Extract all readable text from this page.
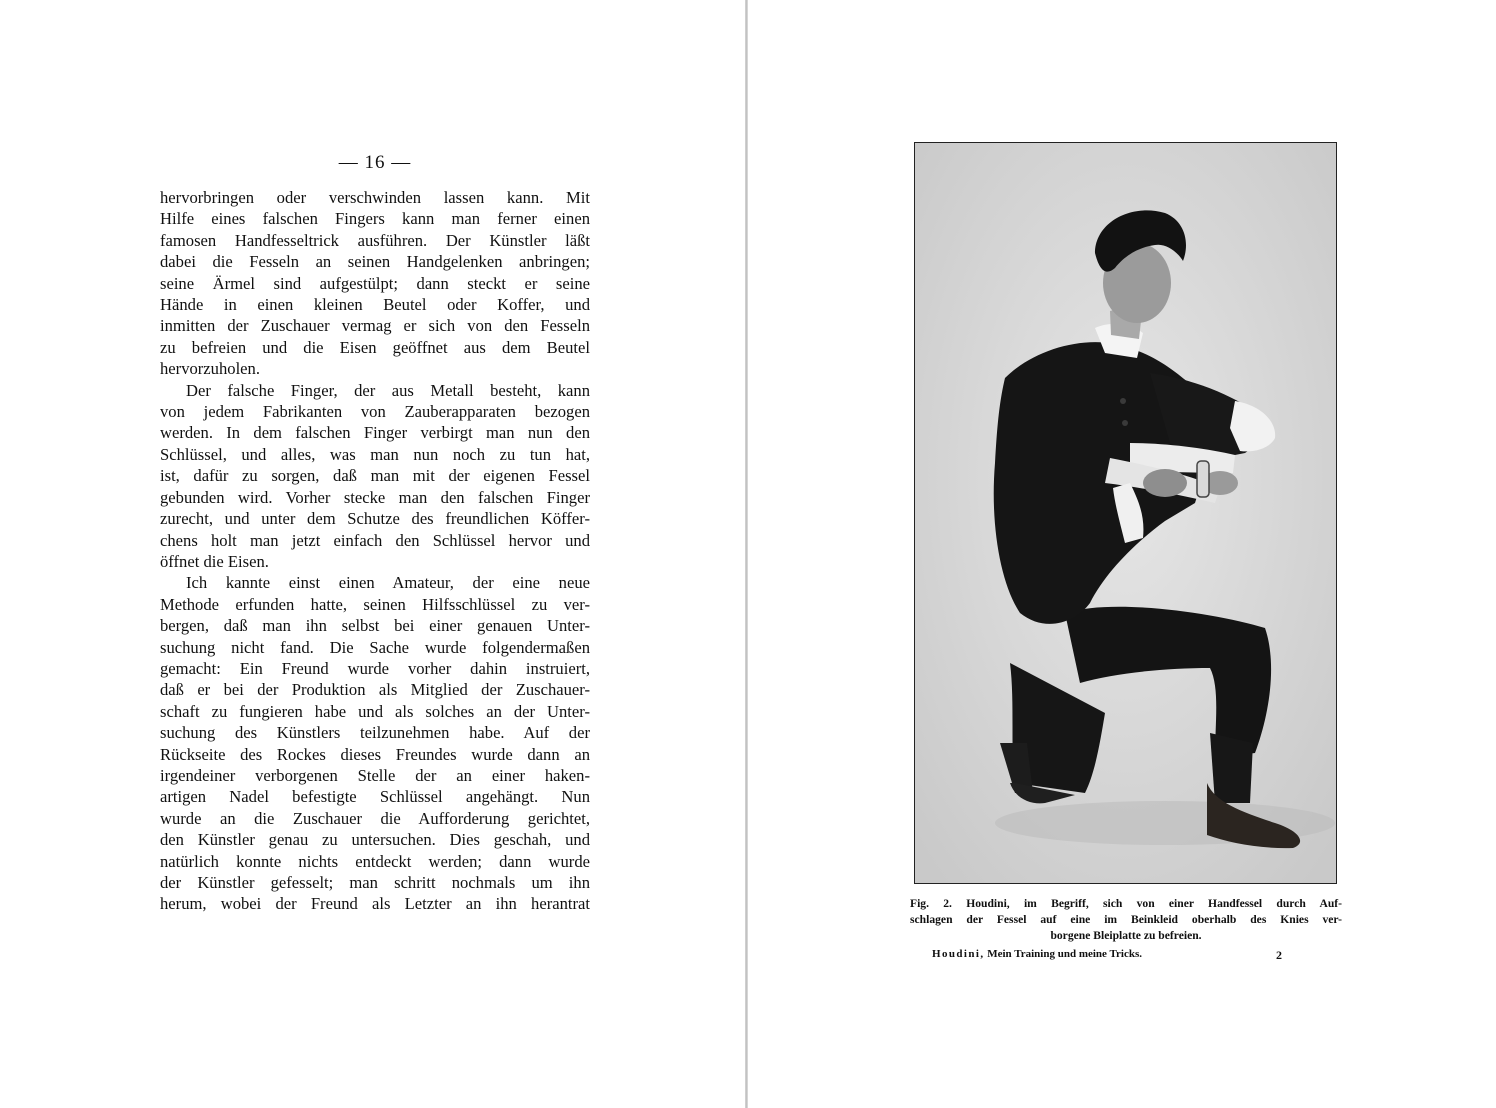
— 16 —

hervorbringen oder verschwinden lassen kann. Mit
Hilfe eines falschen Fingers kann man ferner einen
famosen Handfesseltrick ausführen. Der Künstler läßt
dabei die Fesseln an seinen Handgelenken anbringen;
seine Ärmel sind aufgestülpt; dann steckt er seine
Hände in einen kleinen Beutel oder Koffer, und
inmitten der Zuschauer vermag er sich von den Fesseln
zu befreien und die Eisen geöffnet aus dem Beutel
hervorzuholen.

Der falsche Finger, der aus Metall besteht, kann
von jedem Fabrikanten von Zauberapparaten bezogen
werden. In dem falschen Finger verbirgt man nun den
Schlüssel, und alles, was man nun noch zu tun hat,
ist, dafür zu sorgen, daß man mit der eigenen Fessel
gebunden wird. Vorher stecke man den falschen Finger
zurecht, und unter dem Schutze des freundlichen Köffer-
chens holt man jetzt einfach den Schlüssel hervor und
öffnet die Eisen.

Ich kannte einst einen Amateur, der eine neue
Methode erfunden hatte, seinen Hilfsschlüssel zu ver-
bergen, daß man ihn selbst bei einer genauen Unter-
suchung nicht fand. Die Sache wurde folgendermaßen
gemacht: Ein Freund wurde vorher dahin instruiert,
daß er bei der Produktion als Mitglied der Zuschauer-
schaft zu fungieren habe und als solches an der Unter-
suchung des Künstlers teilzunehmen habe. Auf der
Rückseite des Rockes dieses Freundes wurde dann an
irgendeiner verborgenen Stelle der an einer haken-
artigen Nadel befestigte Schlüssel angehängt. Nun
wurde an die Zuschauer die Aufforderung gerichtet,
den Künstler genau zu untersuchen. Dies geschah, und
natürlich konnte nichts entdeckt werden; dann wurde
der Künstler gefesselt; man schritt nochmals um ihn
herum, wobei der Freund als Letzter an ihn herantrat	Fig. 2. Houdini, im Begriff, sich von einer Handfessel durch Auf-
schlagen der Fessel auf eine im Beinkleid oberhalb des Knies ver-
borgene Bleiplatte zu befreien.
Houdini, Mein Training und meine Tricks.	2
